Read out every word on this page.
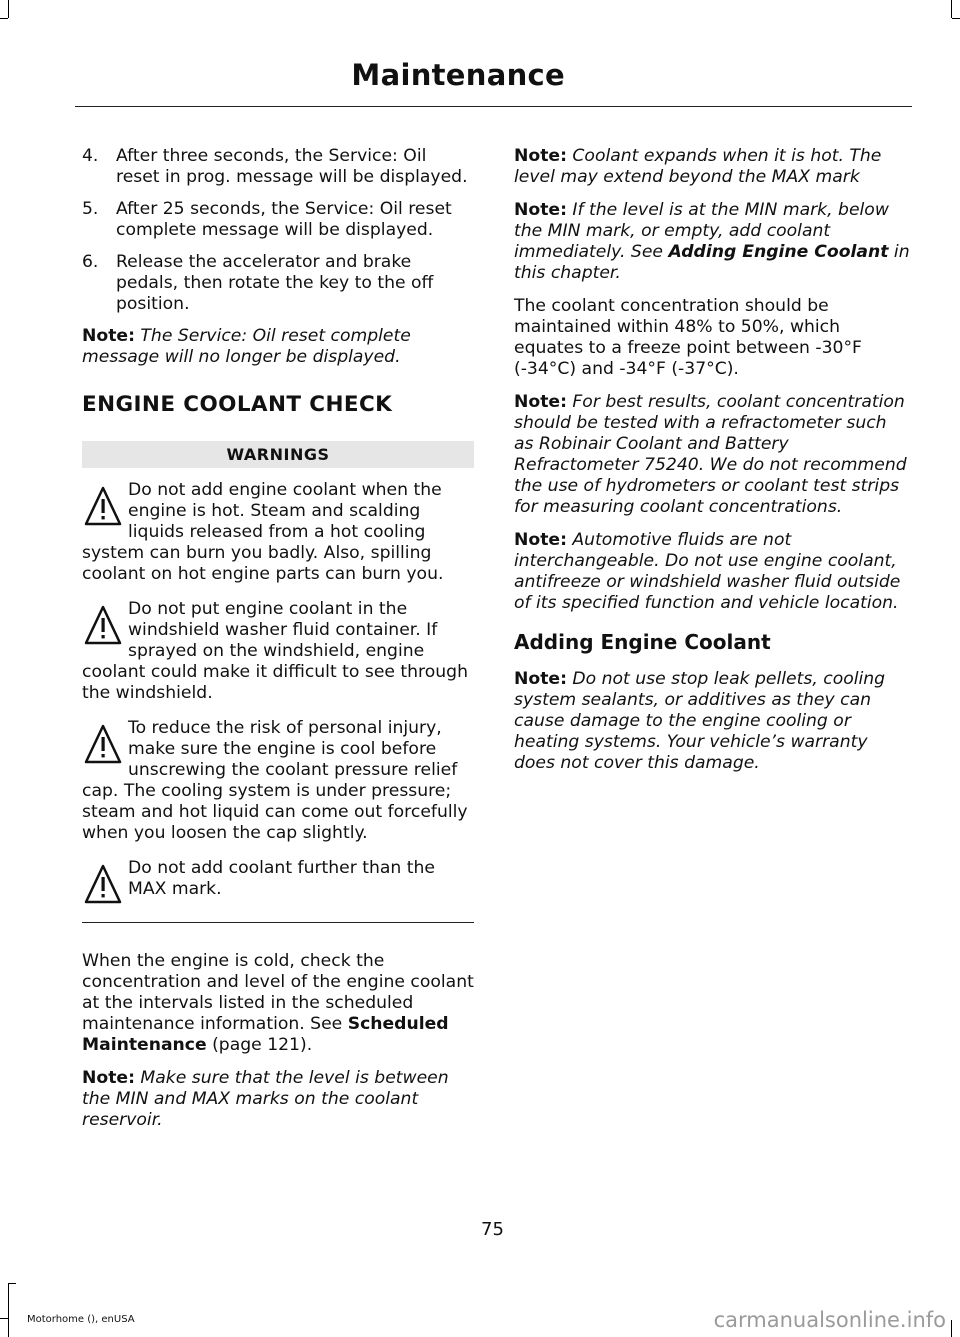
Maintenance
4.	After three seconds, the Service: Oil reset in prog. message will be displayed.
5.	After 25 seconds, the Service: Oil reset complete message will be displayed.
6.	Release the accelerator and brake pedals, then rotate the key to the off position.

Note: The Service: Oil reset complete message will no longer be displayed.

ENGINE COOLANT CHECK
WARNINGS
Do not add engine coolant when the engine is hot. Steam and scalding liquids released from a hot cooling system can burn you badly. Also, spilling coolant on hot engine parts can burn you.
Do not put engine coolant in the windshield washer fluid container. If sprayed on the windshield, engine coolant could make it difficult to see through the windshield.
To reduce the risk of personal injury, make sure the engine is cool before unscrewing the coolant pressure relief cap. The cooling system is under pressure; steam and hot liquid can come out forcefully when you loosen the cap slightly.
Do not add coolant further than the MAX mark.

When the engine is cold, check the concentration and level of the engine coolant at the intervals listed in the scheduled maintenance information. See Scheduled Maintenance (page 121).

Note: Make sure that the level is between the MIN and MAX marks on the coolant reservoir.

Note: Coolant expands when it is hot. The level may extend beyond the MAX mark

Note: If the level is at the MIN mark, below the MIN mark, or empty, add coolant immediately. See Adding Engine Coolant in this chapter.

The coolant concentration should be maintained within 48% to 50%, which equates to a freeze point between -30°F (-34°C) and -34°F (-37°C).

Note: For best results, coolant concentration should be tested with a refractometer such as Robinair Coolant and Battery Refractometer 75240. We do not recommend the use of hydrometers or coolant test strips for measuring coolant concentrations.

Note: Automotive fluids are not interchangeable. Do not use engine coolant, antifreeze or windshield washer fluid outside of its specified function and vehicle location.

Adding Engine Coolant

Note: Do not use stop leak pellets, cooling system sealants, or additives as they can cause damage to the engine cooling or heating systems. Your vehicle’s warranty does not cover this damage.

75
Motorhome (), enUSA	carmanualsonline.info
